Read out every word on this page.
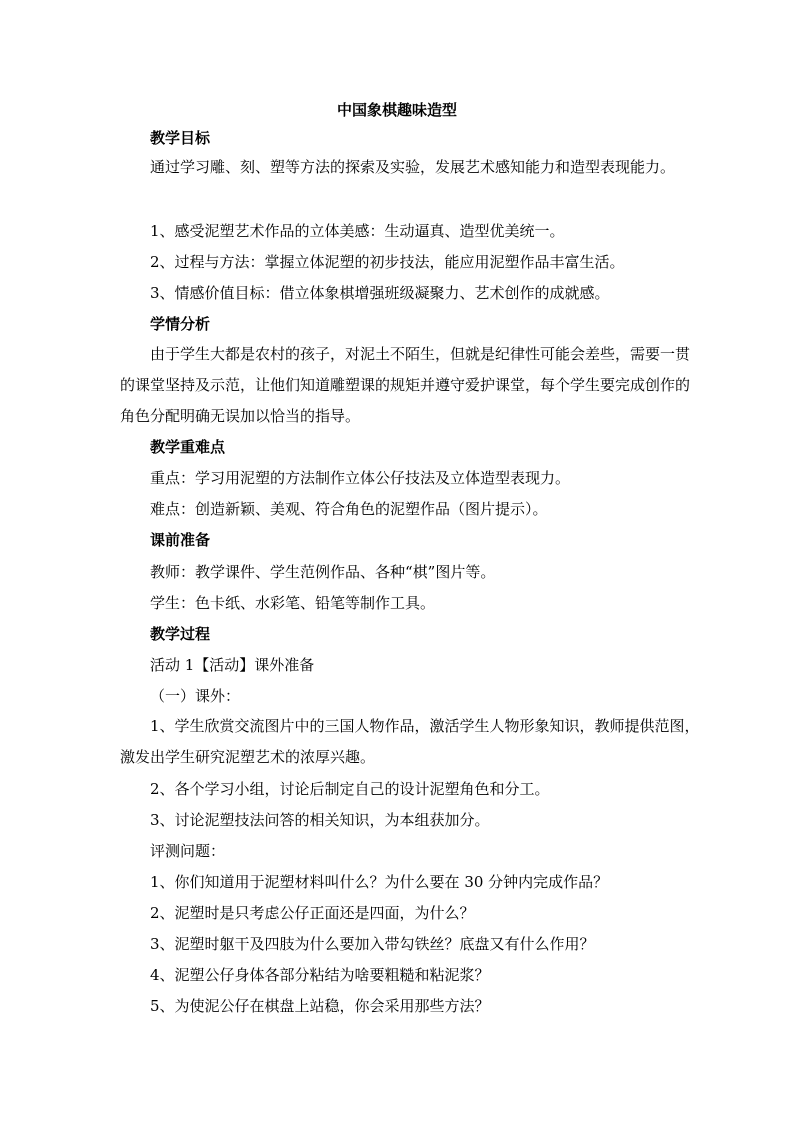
中国象棋趣味造型
教学目标
通过学习雕、刻、塑等方法的探索及实验，发展艺术感知能力和造型表现能力。
1、感受泥塑艺术作品的立体美感：生动逼真、造型优美统一。
2、过程与方法：掌握立体泥塑的初步技法，能应用泥塑作品丰富生活。
3、情感价值目标：借立体象棋增强班级凝聚力、艺术创作的成就感。
学情分析
由于学生大都是农村的孩子，对泥土不陌生，但就是纪律性可能会差些，需要一贯的课堂坚持及示范，让他们知道雕塑课的规矩并遵守爱护课堂，每个学生要完成创作的角色分配明确无误加以恰当的指导。
教学重难点
重点：学习用泥塑的方法制作立体公仔技法及立体造型表现力。
难点：创造新颖、美观、符合角色的泥塑作品（图片提示）。
课前准备
教师：教学课件、学生范例作品、各种“棋”图片等。
学生：色卡纸、水彩笔、铅笔等制作工具。
教学过程
活动 1【活动】课外准备
（一）课外：
1、学生欣赏交流图片中的三国人物作品，激活学生人物形象知识，教师提供范图，激发出学生研究泥塑艺术的浓厚兴趣。
2、各个学习小组，讨论后制定自己的设计泥塑角色和分工。
3、讨论泥塑技法问答的相关知识，为本组获加分。
评测问题：
1、你们知道用于泥塑材料叫什么？为什么要在 30 分钟内完成作品？
2、泥塑时是只考虑公仔正面还是四面，为什么？
3、泥塑时躯干及四肢为什么要加入带勾铁丝？底盘又有什么作用？
4、泥塑公仔身体各部分粘结为啥要粗糙和粘泥浆？
5、为使泥公仔在棋盘上站稳，你会采用那些方法？
